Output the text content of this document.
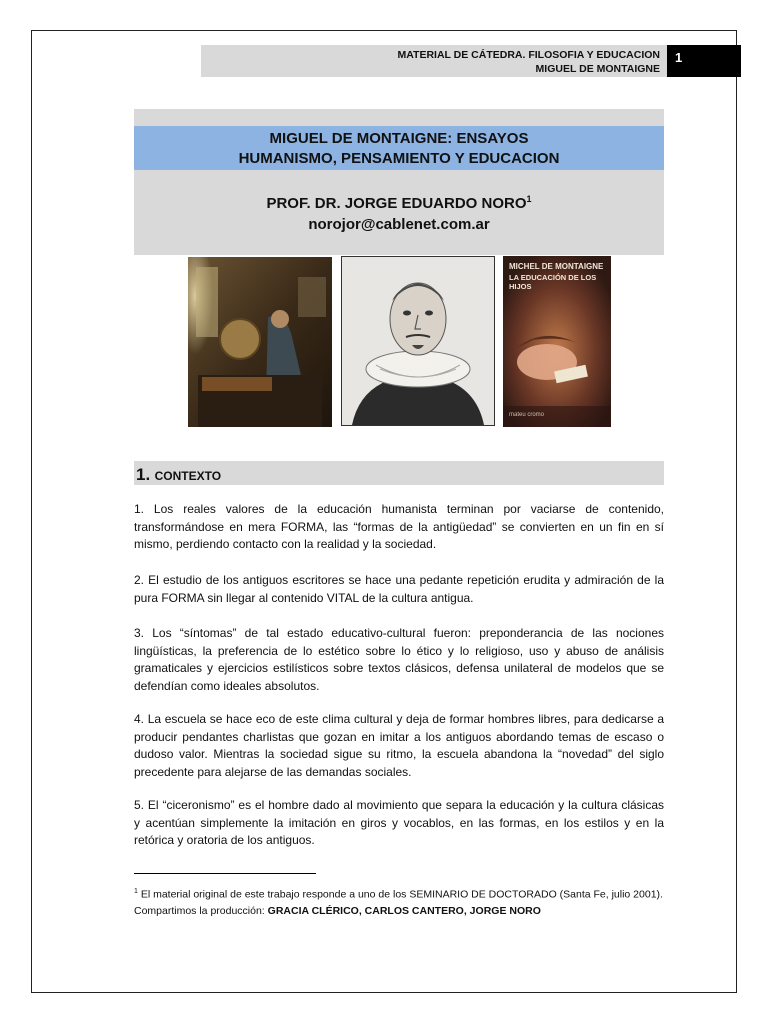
MATERIAL DE CÁTEDRA. FILOSOFIA Y EDUCACION
MIGUEL DE MONTAIGNE
1
MIGUEL DE MONTAIGNE: ENSAYOS
HUMANISMO, PENSAMIENTO Y EDUCACION
PROF. DR. JORGE EDUARDO NORO$^1$
norojor@cablenet.com.ar
MICHEL DE MONTAIGNE
LA EDUCACIÓN DE LOS HIJOS
mateu cromo
1. CONTEXTO
1. Los reales valores de la educación humanista terminan por vaciarse de contenido, transformándose en mera FORMA, las “formas de la antigüedad” se convierten en un fin en sí mismo, perdiendo contacto con la realidad y la sociedad.
2. El estudio de los antiguos escritores se hace una pedante repetición erudita y admiración de la pura FORMA sin llegar al contenido VITAL de la cultura antigua.
3. Los “síntomas” de tal estado educativo-cultural fueron: preponderancia de las nociones lingüísticas, la preferencia de lo estético sobre lo ético y lo religioso, uso y abuso de análisis gramaticales y ejercicios estilísticos sobre textos clásicos, defensa unilateral de modelos que se defendían como ideales absolutos.
4. La escuela se hace eco de este clima cultural y deja de formar hombres libres, para dedicarse a producir pendantes charlistas que gozan en imitar a los antiguos abordando temas de escaso o dudoso valor. Mientras la sociedad sigue su ritmo, la escuela abandona la “novedad” del siglo precedente para alejarse de las demandas sociales.
5. El “ciceronismo” es el hombre dado al movimiento que separa la educación y la cultura clásicas y acentúan simplemente la imitación en giros y vocablos, en las formas, en los estilos y en la retórica y oratoria de los antiguos.
$^1$ El material original de este trabajo responde a uno de los SEMINARIO DE DOCTORADO (Santa Fe, julio 2001). Compartimos la producción: GRACIA CLÉRICO, CARLOS CANTERO, JORGE NORO
